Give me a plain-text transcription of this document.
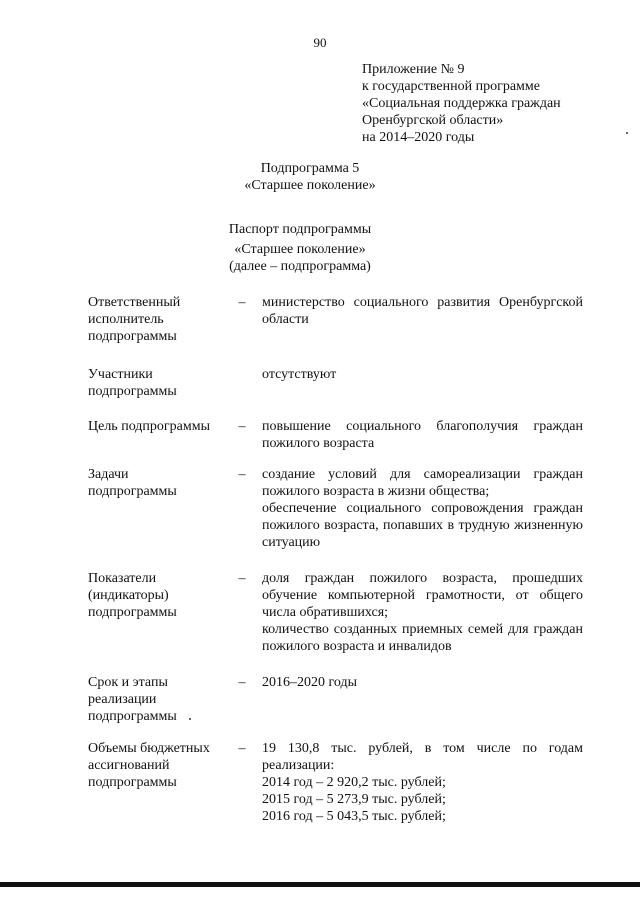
90
Приложение № 9
к государственной программе
«Социальная поддержка граждан
Оренбургской области»
на 2014–2020 годы
Подпрограмма 5
«Старшее поколение»
Паспорт подпрограммы
«Старшее поколение»
(далее – подпрограмма)
Ответственный
исполнитель
подпрограммы
– министерство социального развития Оренбургской области

Участники
подпрограммы

отсутствуют

Цель подпрограммы	– повышение социального благополучия граждан пожилого возраста

Задачи
подпрограммы
– создание условий для самореализации граждан пожилого возраста в жизни общества;

обеспечение социального сопровождения граждан пожилого возраста, попавших в трудную жизненную ситуацию

Показатели
(индикаторы)
подпрограммы
– доля граждан пожилого возраста, прошедших обучение компьютерной грамотности, от общего числа обратившихся;

количество созданных приемных семей для граждан пожилого возраста и инвалидов

Срок и этапы
реализации
подпрограммы
– 2016–2020 годы

Объемы бюджетных
ассигнований
подпрограммы
– 19 130,8 тыс. рублей, в том числе по годам реализации:

2014 год – 2 920,2 тыс. рублей;
2015 год – 5 273,9 тыс. рублей;
2016 год – 5 043,5 тыс. рублей;
